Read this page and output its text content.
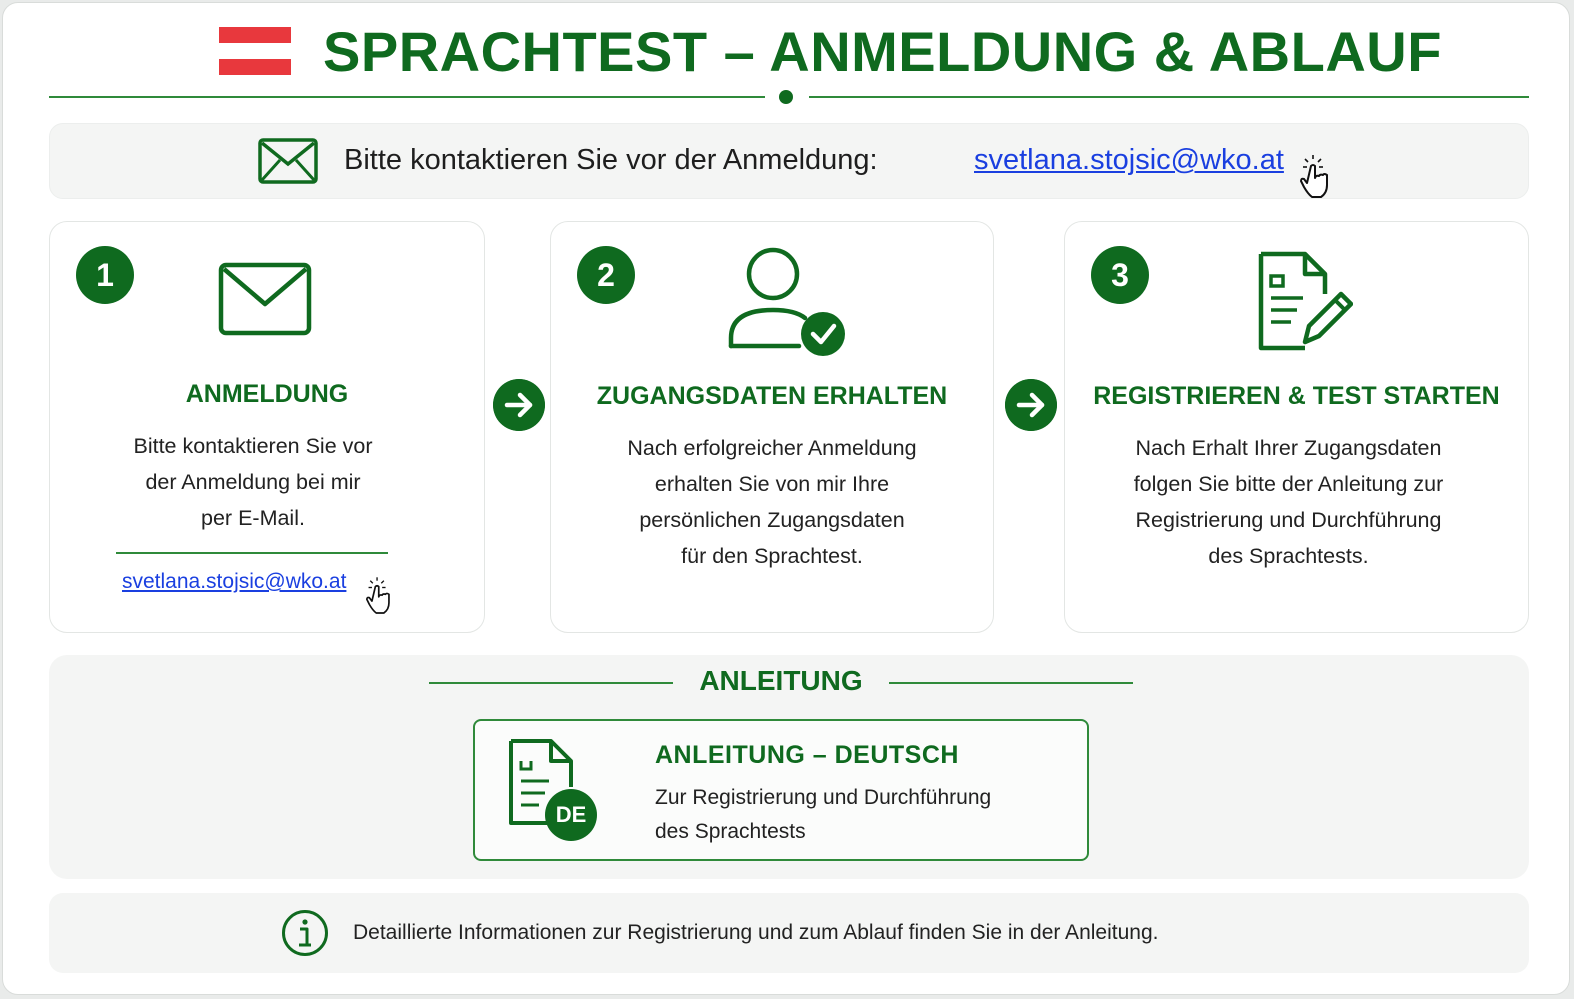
SPRACHTEST – ANMELDUNG & ABLAUF
Bitte kontaktieren Sie vor der Anmeldung:	svetlana.stojsic@wko.at
1
ANMELDUNG
Bitte kontaktieren Sie vor
der Anmeldung bei mir
per E-Mail.
svetlana.stojsic@wko.at
2
ZUGANGSDATEN ERHALTEN
Nach erfolgreicher Anmeldung
erhalten Sie von mir Ihre
persönlichen Zugangsdaten
für den Sprachtest.
3
REGISTRIEREN & TEST STARTEN
Nach Erhalt Ihrer Zugangsdaten
folgen Sie bitte der Anleitung zur
Registrierung und Durchführung
des Sprachtests.
ANLEITUNG
DE
ANLEITUNG – DEUTSCH
Zur Registrierung und Durchführung
des Sprachtests
Detaillierte Informationen zur Registrierung und zum Ablauf finden Sie in der Anleitung.
